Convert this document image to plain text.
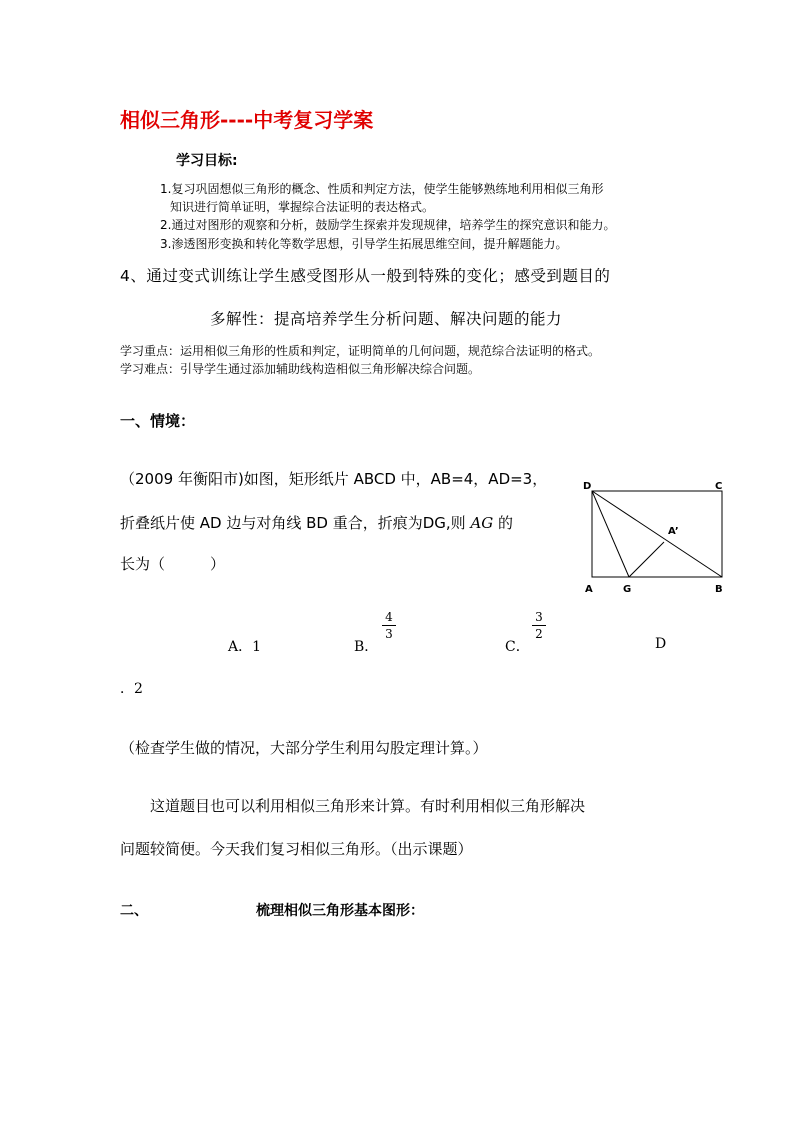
相似三角形----中考复习学案
学习目标:
1.复习巩固想似三角形的概念、性质和判定方法，使学生能够熟练地利用相似三角形
知识进行简单证明，掌握综合法证明的表达格式。
2.通过对图形的观察和分析，鼓励学生探索并发现规律，培养学生的探究意识和能力。
3.渗透图形变换和转化等数学思想，引导学生拓展思维空间，提升解题能力。
4、通过变式训练让学生感受图形从一般到特殊的变化；感受到题目的
多解性：提高培养学生分析问题、解决问题的能力
学习重点：运用相似三角形的性质和判定，证明简单的几何问题，规范综合法证明的格式。
学习难点：引导学生通过添加辅助线构造相似三角形解决综合问题。
一、情境：
（2009 年衡阳市)如图，矩形纸片 ABCD 中，AB=4，AD=3，
折叠纸片使 AD 边与对角线 BD 重合，折痕为DG,则 AG 的
长为（　　　）
D	C
A’
A	G	B
A．1	B．
4
3
C．
3
2
D
．2
（检查学生做的情况，大部分学生利用勾股定理计算。）
这道题目也可以利用相似三角形来计算。有时利用相似三角形解决
问题较简便。今天我们复习相似三角形。（出示课题）
二、	梳理相似三角形基本图形：
